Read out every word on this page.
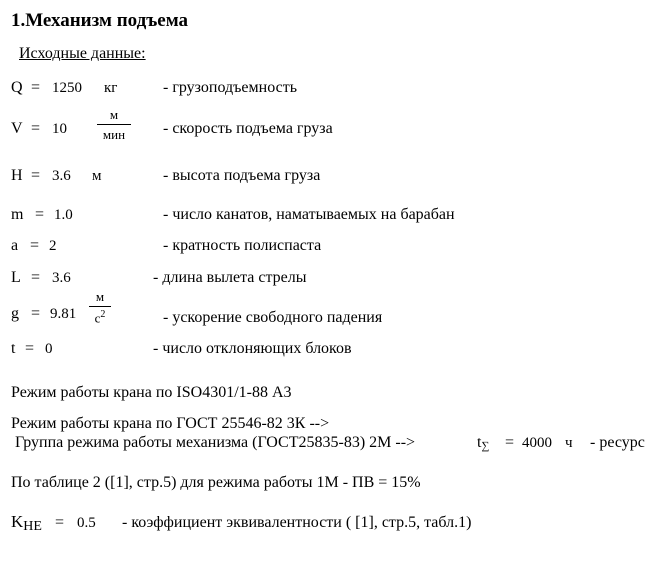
1.Механизм подъема
Исходные данные:
Q = 1250 кг	- грузоподъемность
V = 10
м
мин	- скорость подъема груза
H = 3.6 м	- высота подъема груза
m = 1.0	- число канатов, наматываемых на барабан
a = 2	- кратность полиспаста
L = 3.6	- длина вылета стрелы
g = 9.81
м
$с^2$	- ускорение свободного падения
t = 0	- число отклоняющих блоков
Режим работы крана по ISO4301/1-88 А3
Режим работы крана по ГОСТ 25546-82 3К -->
Группа режима работы механизма (ГОСТ25835-83) 2М -->	$t_\sum = 4000$ ч - ресурс
По таблице 2 ([1], стр.5) для режима работы 1М - ПВ = 15%
$K_{НЕ} = 0.5$ - коэффициент эквивалентности ( [1], стр.5, табл.1)
